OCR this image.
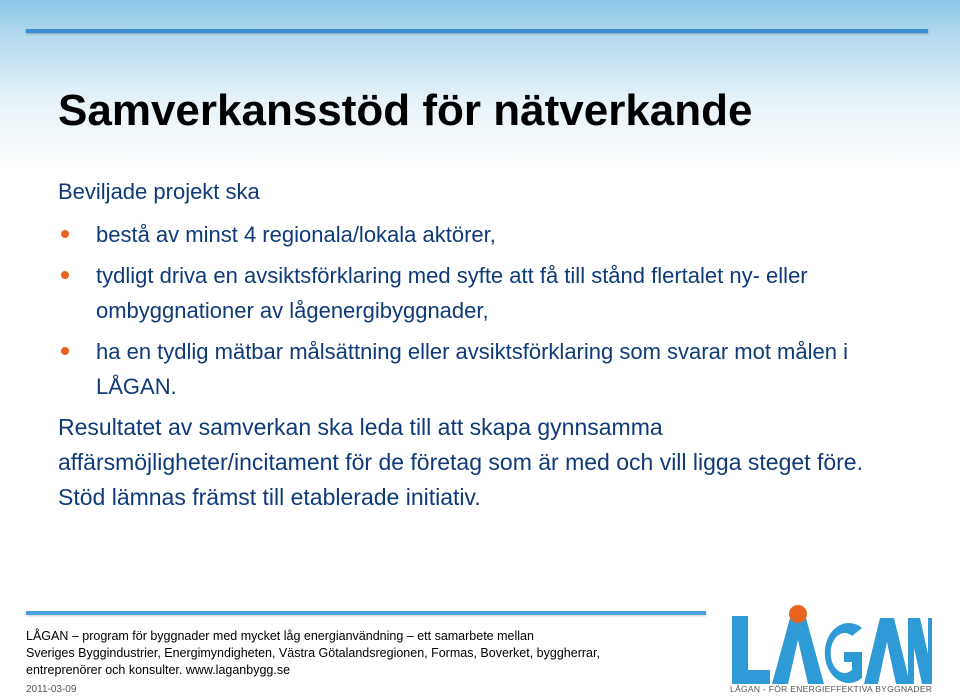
Samverkansstöd för nätverkande

Beviljade projekt ska

bestå av minst 4 regionala/lokala aktörer,
tydligt driva en avsiktsförklaring med syfte att få till stånd flertalet ny- eller ombyggnationer av lågenergibyggnader,
ha en tydlig mätbar målsättning eller avsiktsförklaring som svarar mot målen i LÅGAN.

Resultatet av samverkan ska leda till att skapa gynnsamma affärsmöjligheter/incitament för de företag som är med och vill ligga steget före. Stöd lämnas främst till etablerade initiativ.

LÅGAN – program för byggnader med mycket låg energianvändning – ett samarbete mellan
Sveriges Byggindustrier, Energimyndigheten, Västra Götalandsregionen, Formas, Boverket, byggherrar,
entreprenörer och konsulter. www.laganbygg.se
2011-03-09	LÅGAN - FÖR ENERGIEFFEKTIVA BYGGNADER
